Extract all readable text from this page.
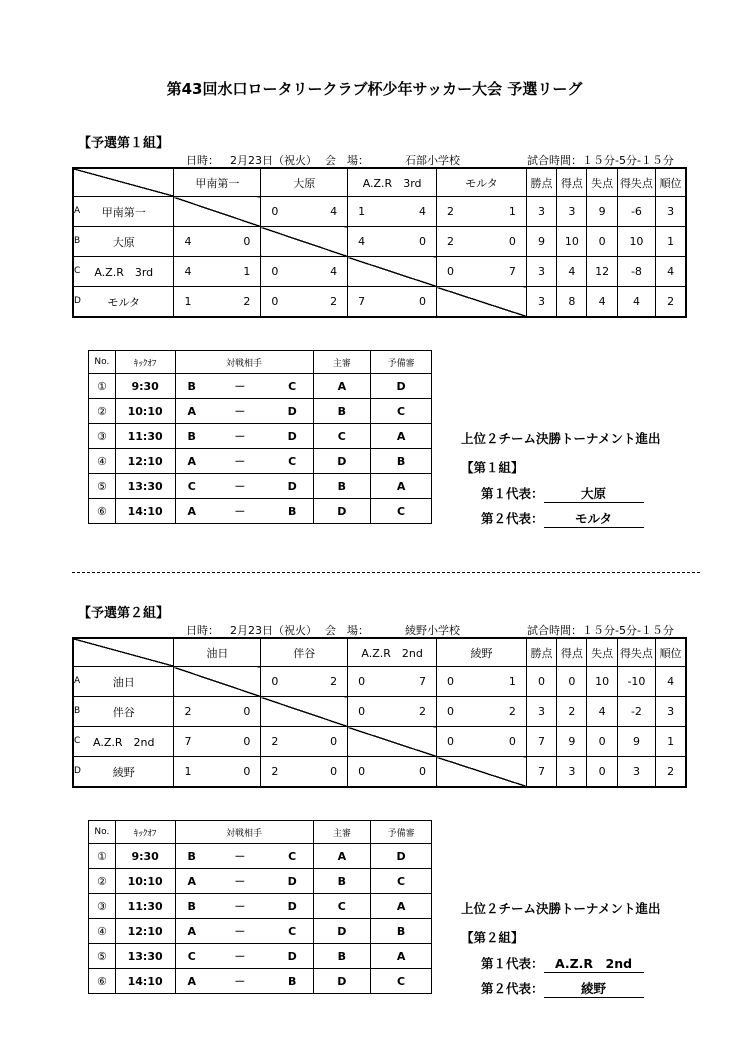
第43回水口ロータリークラブ杯少年サッカー大会 予選リーグ
【予選第１組】
日時： 2月23日（祝火） 会　場：	石部小学校	試合時間： １５分-5分-１５分
A
B
C
D
	甲南第一	大原	A.Z.R　3rd	モルタ	勝点	得点	失点	得失点	順位
甲南第一		0 4	1 4	2 1	3	3	9	-6	3
大原	4 0		4 0	2 0	9	10	0	10	1
A.Z.R　3rd	4 1	0 4		0 7	3	4	12	-8	4
モルタ	1 2	0 2	7 0		3	8	4	4	2
No.	ｷｯｸｵﾌ	対戦相手			主審	予備審
①	9:30	B	－	C	A	D
②	10:10	A	－	D	B	C
③	11:30	B	－	D	C	A
④	12:10	A	－	C	D	B
⑤	13:30	C	－	D	B	A
⑥	14:10	A	－	B	D	C
上位２チーム決勝トーナメント進出
【第１組】
第１代表：	大原
第２代表：	モルタ
【予選第２組】
日時： 2月23日（祝火） 会　場：	綾野小学校	試合時間： １５分-5分-１５分
A
B
C
D
	油日	伴谷	A.Z.R　2nd	綾野	勝点	得点	失点	得失点	順位
油日		0 2	0 7	0 1	0	0	10	-10	4
伴谷	2 0		0 2	0 2	3	2	4	-2	3
A.Z.R　2nd	7 0	2 0		0 0	7	9	0	9	1
綾野	1 0	2 0	0 0		7	3	0	3	2
No.	ｷｯｸｵﾌ	対戦相手			主審	予備審
①	9:30	B	－	C	A	D
②	10:10	A	－	D	B	C
③	11:30	B	－	D	C	A
④	12:10	A	－	C	D	B
⑤	13:30	C	－	D	B	A
⑥	14:10	A	－	B	D	C
上位２チーム決勝トーナメント進出
【第２組】
第１代表： A.Z.R　2nd
第２代表：	綾野
